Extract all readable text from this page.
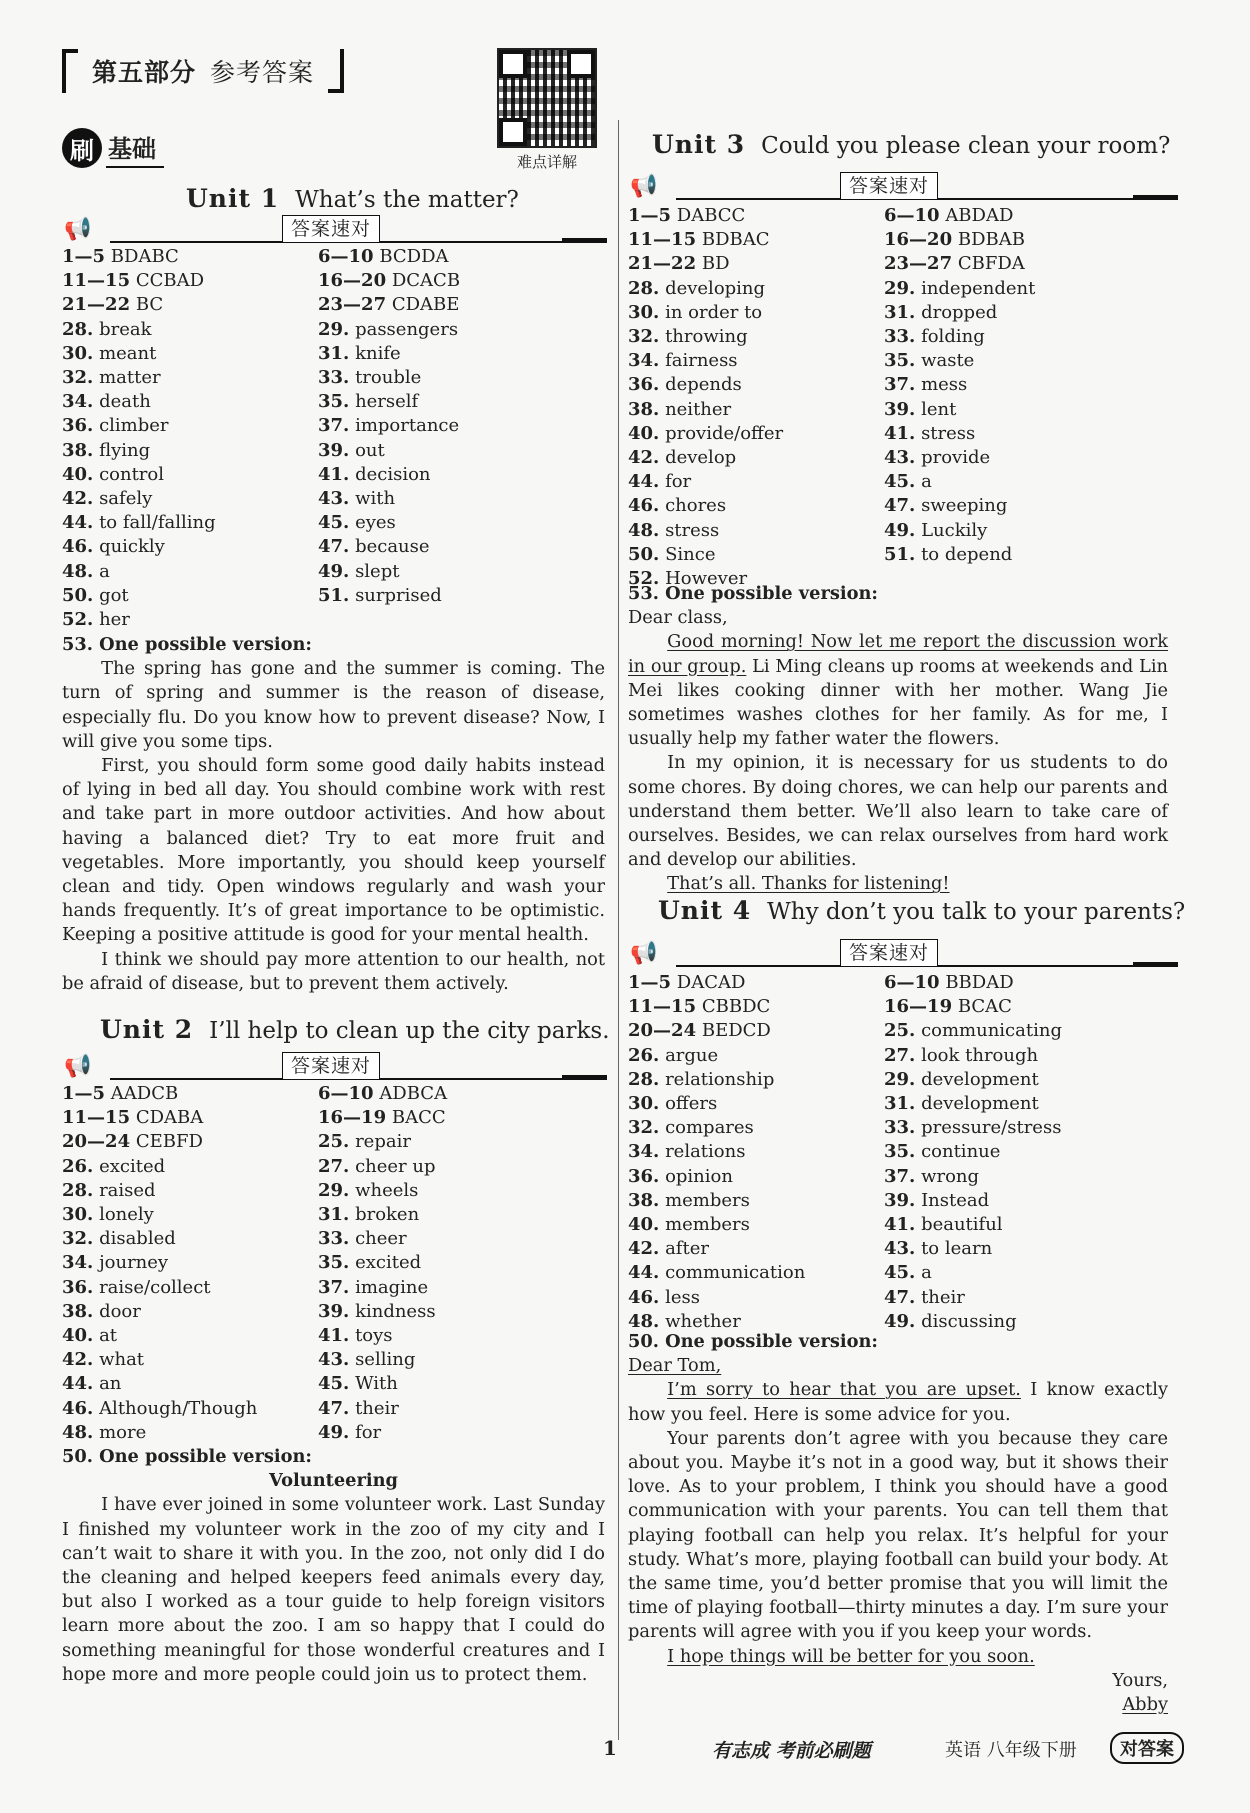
第五部分 参考答案
难点详解
刷 基础
Unit 1 What’s the matter?
📢	答案速对
1—5 BDABC	6—10 BCDDA
11—15 CCBAD	16—20 DCACB
21—22 BC	23—27 CDABE
28. break	29. passengers
30. meant	31. knife
32. matter	33. trouble
34. death	35. herself
36. climber	37. importance
38. flying	39. out
40. control	41. decision
42. safely	43. with
44. to fall/falling	45. eyes
46. quickly	47. because
48. a	49. slept
50. got	51. surprised
52. her

53. One possible version:

The spring has gone and the summer is coming. The turn of spring and summer is the reason of disease, especially flu. Do you know how to prevent disease? Now, I will give you some tips.

First, you should form some good daily habits instead of lying in bed all day. You should combine work with rest and take part in more outdoor activities. And how about having a balanced diet? Try to eat more fruit and vegetables. More importantly, you should keep yourself clean and tidy. Open windows regularly and wash your hands frequently. It’s of great importance to be optimistic. Keeping a positive attitude is good for your mental health.

I think we should pay more attention to our health, not be afraid of disease, but to prevent them actively.

Unit 2 I’ll help to clean up the city parks.
📢	答案速对
1—5 AADCB	6—10 ADBCA
11—15 CDABA	16—19 BACC
20—24 CEBFD	25. repair
26. excited	27. cheer up
28. raised	29. wheels
30. lonely	31. broken
32. disabled	33. cheer
34. journey	35. excited
36. raise/collect	37. imagine
38. door	39. kindness
40. at	41. toys
42. what	43. selling
44. an	45. With
46. Although/Though	47. their
48. more	49. for

50. One possible version:

Volunteering

I have ever joined in some volunteer work. Last Sunday I finished my volunteer work in the zoo of my city and I can’t wait to share it with you. In the zoo, not only did I do the cleaning and helped keepers feed animals every day, but also I worked as a tour guide to help foreign visitors learn more about the zoo. I am so happy that I could do something meaningful for those wonderful creatures and I hope more and more people could join us to protect them.

Unit 3 Could you please clean your room?
📢	答案速对
1—5 DABCC	6—10 ABDAD
11—15 BDBAC	16—20 BDBAB
21—22 BD	23—27 CBFDA
28. developing	29. independent
30. in order to	31. dropped
32. throwing	33. folding
34. fairness	35. waste
36. depends	37. mess
38. neither	39. lent
40. provide/offer	41. stress
42. develop	43. provide
44. for	45. a
46. chores	47. sweeping
48. stress	49. Luckily
50. Since	51. to depend
52. However

53. One possible version:

Dear class,

Good morning! Now let me report the discussion work in our group. Li Ming cleans up rooms at weekends and Lin Mei likes cooking dinner with her mother. Wang Jie sometimes washes clothes for her family. As for me, I usually help my father water the flowers.

In my opinion, it is necessary for us students to do some chores. By doing chores, we can help our parents and understand them better. We’ll also learn to take care of ourselves. Besides, we can relax ourselves from hard work and develop our abilities.

That’s all. Thanks for listening!

Unit 4 Why don’t you talk to your parents?
📢	答案速对
1—5 DACAD	6—10 BBDAD
11—15 CBBDC	16—19 BCAC
20—24 BEDCD	25. communicating
26. argue	27. look through
28. relationship	29. development
30. offers	31. development
32. compares	33. pressure/stress
34. relations	35. continue
36. opinion	37. wrong
38. members	39. Instead
40. members	41. beautiful
42. after	43. to learn
44. communication	45. a
46. less	47. their
48. whether	49. discussing

50. One possible version:

Dear Tom,

I’m sorry to hear that you are upset. I know exactly how you feel. Here is some advice for you.

Your parents don’t agree with you because they care about you. Maybe it’s not in a good way, but it shows their love. As to your problem, I think you should have a good communication with your parents. You can tell them that playing football can help you relax. It’s helpful for your study. What’s more, playing football can build your body. At the same time, you’d better promise that you will limit the time of playing football—thirty minutes a day. I’m sure your parents will agree with you if you keep your words.

I hope things will be better for you soon.

Yours,

Abby

1	有志成 考前必刷题	英语 八年级下册	对答案
